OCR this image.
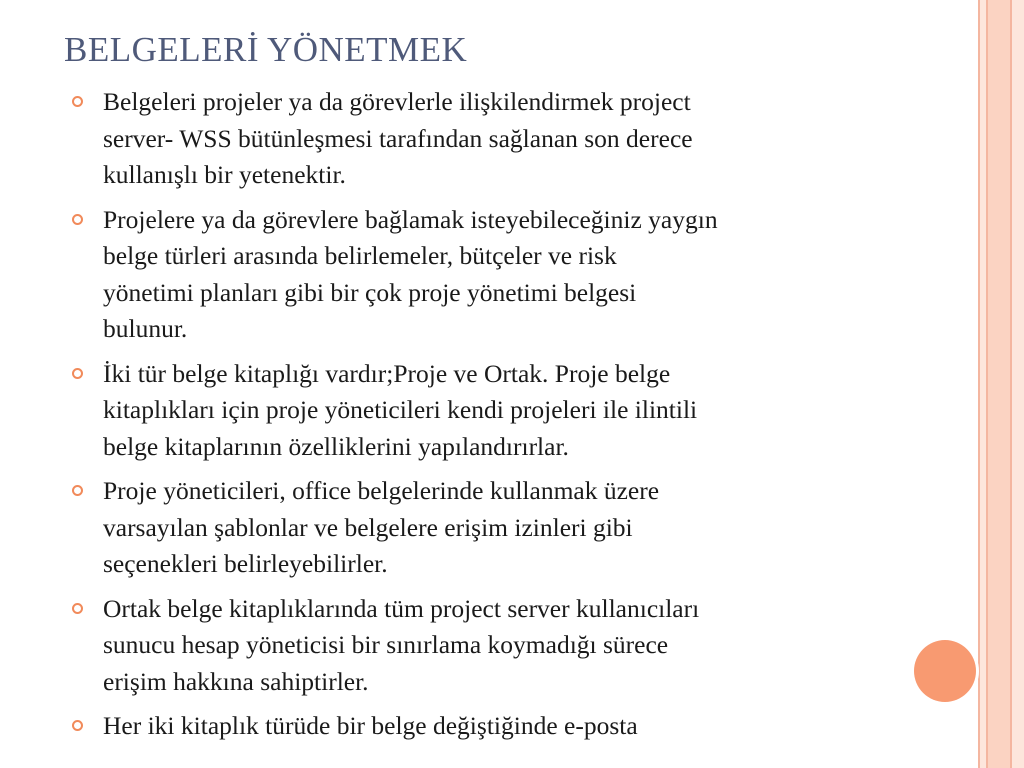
BELGELERİ YÖNETMEK
Belgeleri projeler ya da görevlerle ilişkilendirmek project
server- WSS bütünleşmesi tarafından sağlanan son derece
kullanışlı bir yetenektir.
Projelere ya da görevlere bağlamak isteyebileceğiniz yaygın
belge türleri arasında belirlemeler, bütçeler ve risk
yönetimi planları gibi bir çok proje yönetimi belgesi
bulunur.
İki tür belge kitaplığı vardır;Proje ve Ortak. Proje belge
kitaplıkları için proje yöneticileri kendi projeleri ile ilintili
belge kitaplarının özelliklerini yapılandırırlar.
Proje yöneticileri, office belgelerinde kullanmak üzere
varsayılan şablonlar ve belgelere erişim izinleri gibi
seçenekleri belirleyebilirler.
Ortak belge kitaplıklarında tüm project server kullanıcıları
sunucu hesap yöneticisi bir sınırlama koymadığı sürece
erişim hakkına sahiptirler.
Her iki kitaplık türüde bir belge değiştiğinde e-posta
